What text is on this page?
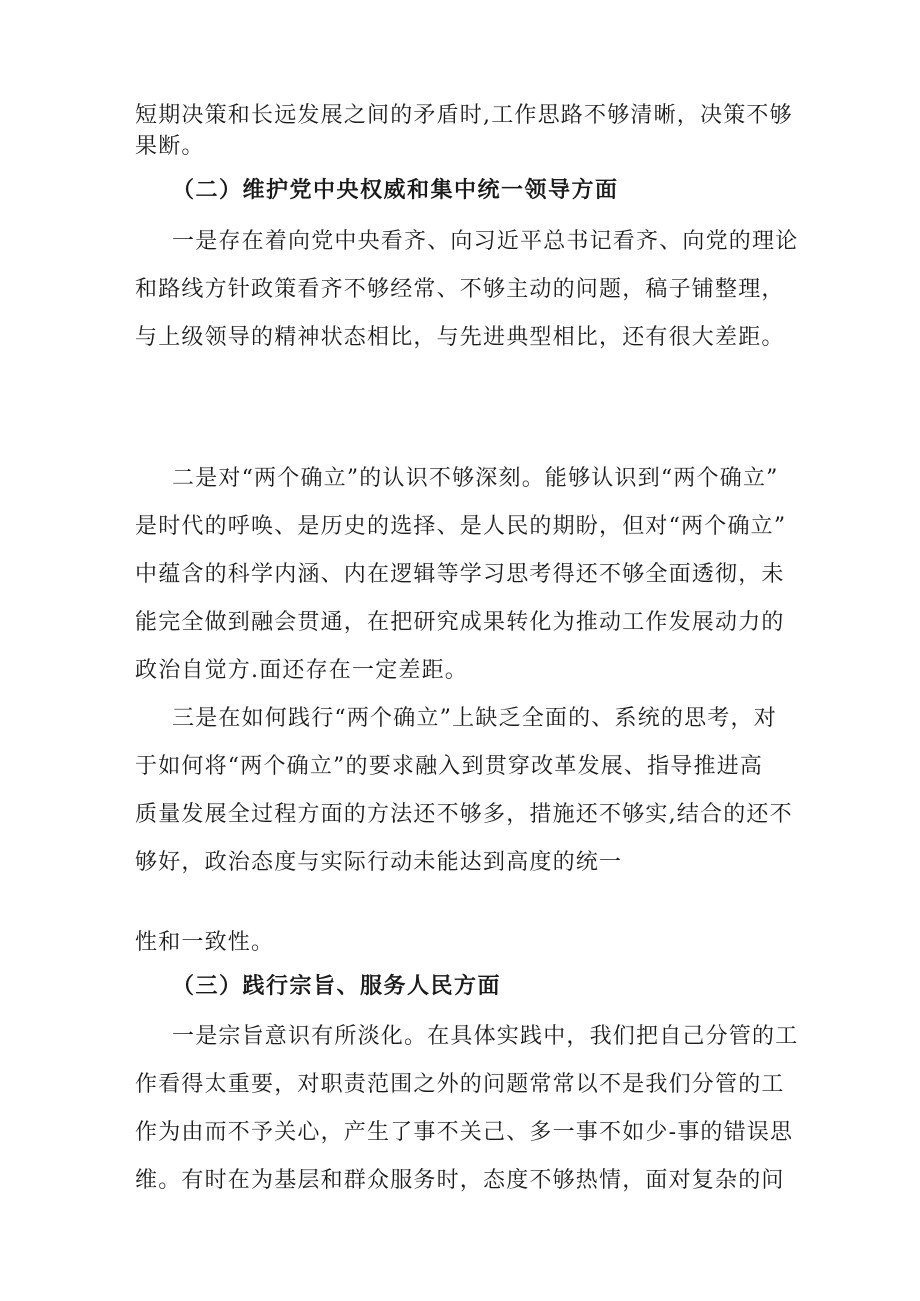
短期决策和长远发展之间的矛盾时,工作思路不够清晰，决策不够
果断。
（二）维护党中央权威和集中统一领导方面
一是存在着向党中央看齐、向习近平总书记看齐、向党的理论
和路线方针政策看齐不够经常、不够主动的问题，稿子铺整理，
与上级领导的精神状态相比，与先进典型相比，还有很大差距。
二是对“两个确立”的认识不够深刻。能够认识到“两个确立”
是时代的呼唤、是历史的选择、是人民的期盼，但对“两个确立”
中蕴含的科学内涵、内在逻辑等学习思考得还不够全面透彻，未
能完全做到融会贯通，在把研究成果转化为推动工作发展动力的
政治自觉方.面还存在一定差距。
三是在如何践行“两个确立”上缺乏全面的、系统的思考，对
于如何将“两个确立”的要求融入到贯穿改革发展、指导推进高
质量发展全过程方面的方法还不够多，措施还不够实,结合的还不
够好，政治态度与实际行动未能达到高度的统一
性和一致性。
（三）践行宗旨、服务人民方面
一是宗旨意识有所淡化。在具体实践中，我们把自己分管的工
作看得太重要，对职责范围之外的问题常常以不是我们分管的工
作为由而不予关心，产生了事不关己、多一事不如少-事的错误思
维。有时在为基层和群众服务时，态度不够热情，面对复杂的问
